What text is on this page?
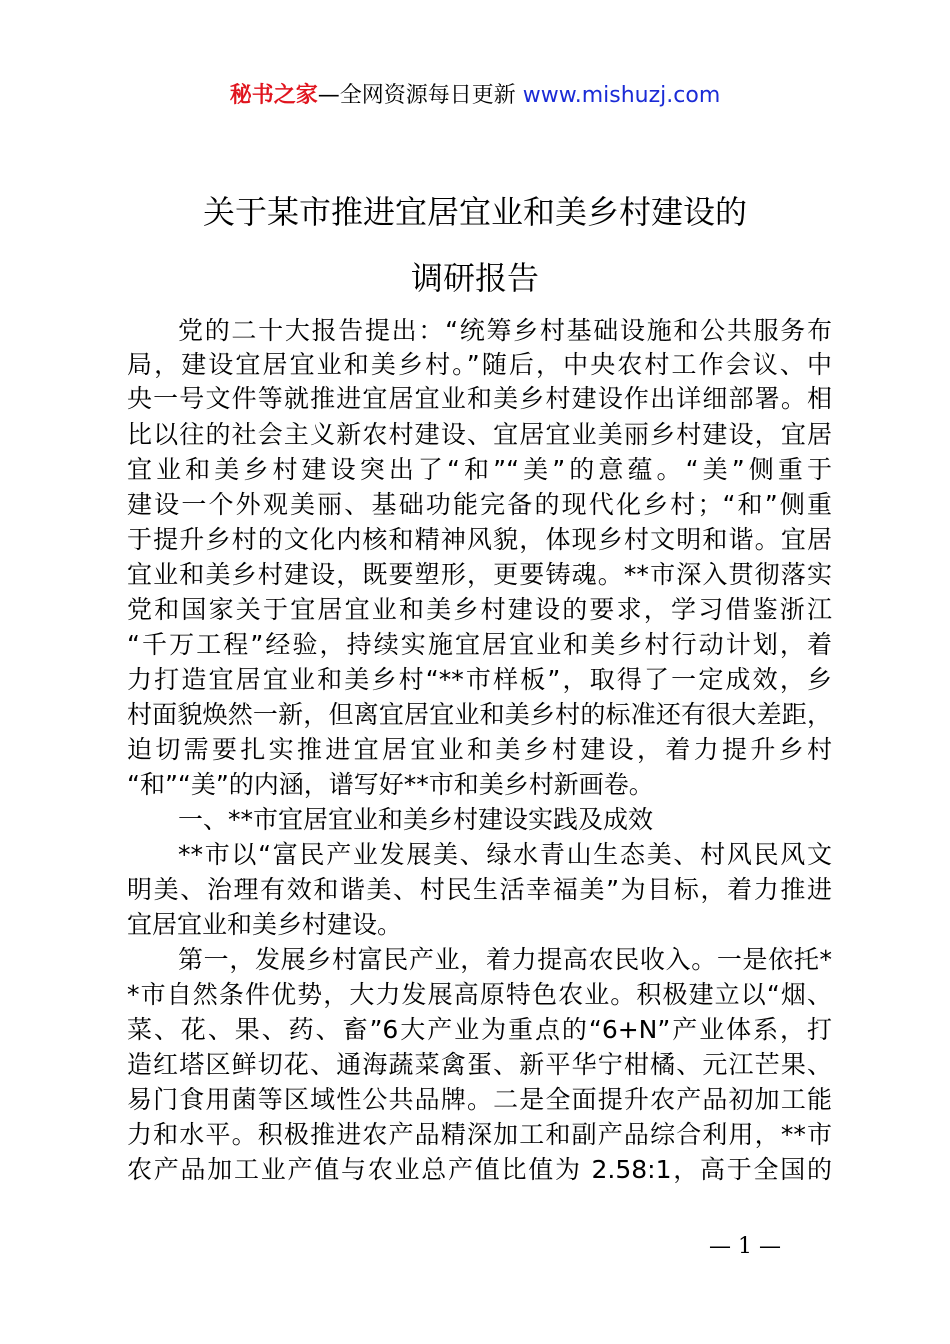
秘书之家—全网资源每日更新 www.mishuzj.com
关于某市推进宜居宜业和美乡村建设的
调研报告
党的二十大报告提出：“统筹乡村基础设施和公共服务布
局，建设宜居宜业和美乡村。”随后，中央农村工作会议、中
央一号文件等就推进宜居宜业和美乡村建设作出详细部署。相
比以往的社会主义新农村建设、宜居宜业美丽乡村建设，宜居
宜业和美乡村建设突出了“和”“美”的意蕴。“美”侧重于
建设一个外观美丽、基础功能完备的现代化乡村；“和”侧重
于提升乡村的文化内核和精神风貌，体现乡村文明和谐。宜居
宜业和美乡村建设，既要塑形，更要铸魂。**市深入贯彻落实
党和国家关于宜居宜业和美乡村建设的要求，学习借鉴浙江
“千万工程”经验，持续实施宜居宜业和美乡村行动计划，着
力打造宜居宜业和美乡村“**市样板”，取得了一定成效，乡
村面貌焕然一新，但离宜居宜业和美乡村的标准还有很大差距，
迫切需要扎实推进宜居宜业和美乡村建设，着力提升乡村
“和”“美”的内涵，谱写好**市和美乡村新画卷。
一、**市宜居宜业和美乡村建设实践及成效
**市以“富民产业发展美、绿水青山生态美、村风民风文
明美、治理有效和谐美、村民生活幸福美”为目标，着力推进
宜居宜业和美乡村建设。
第一，发展乡村富民产业，着力提高农民收入。一是依托*
*市自然条件优势，大力发展高原特色农业。积极建立以“烟、
菜、花、果、药、畜”6大产业为重点的“6+N”产业体系，打
造红塔区鲜切花、通海蔬菜禽蛋、新平华宁柑橘、元江芒果、
易门食用菌等区域性公共品牌。二是全面提升农产品初加工能
力和水平。积极推进农产品精深加工和副产品综合利用，**市
农产品加工业产值与农业总产值比值为 2.58:1，高于全国的
— 1 —
